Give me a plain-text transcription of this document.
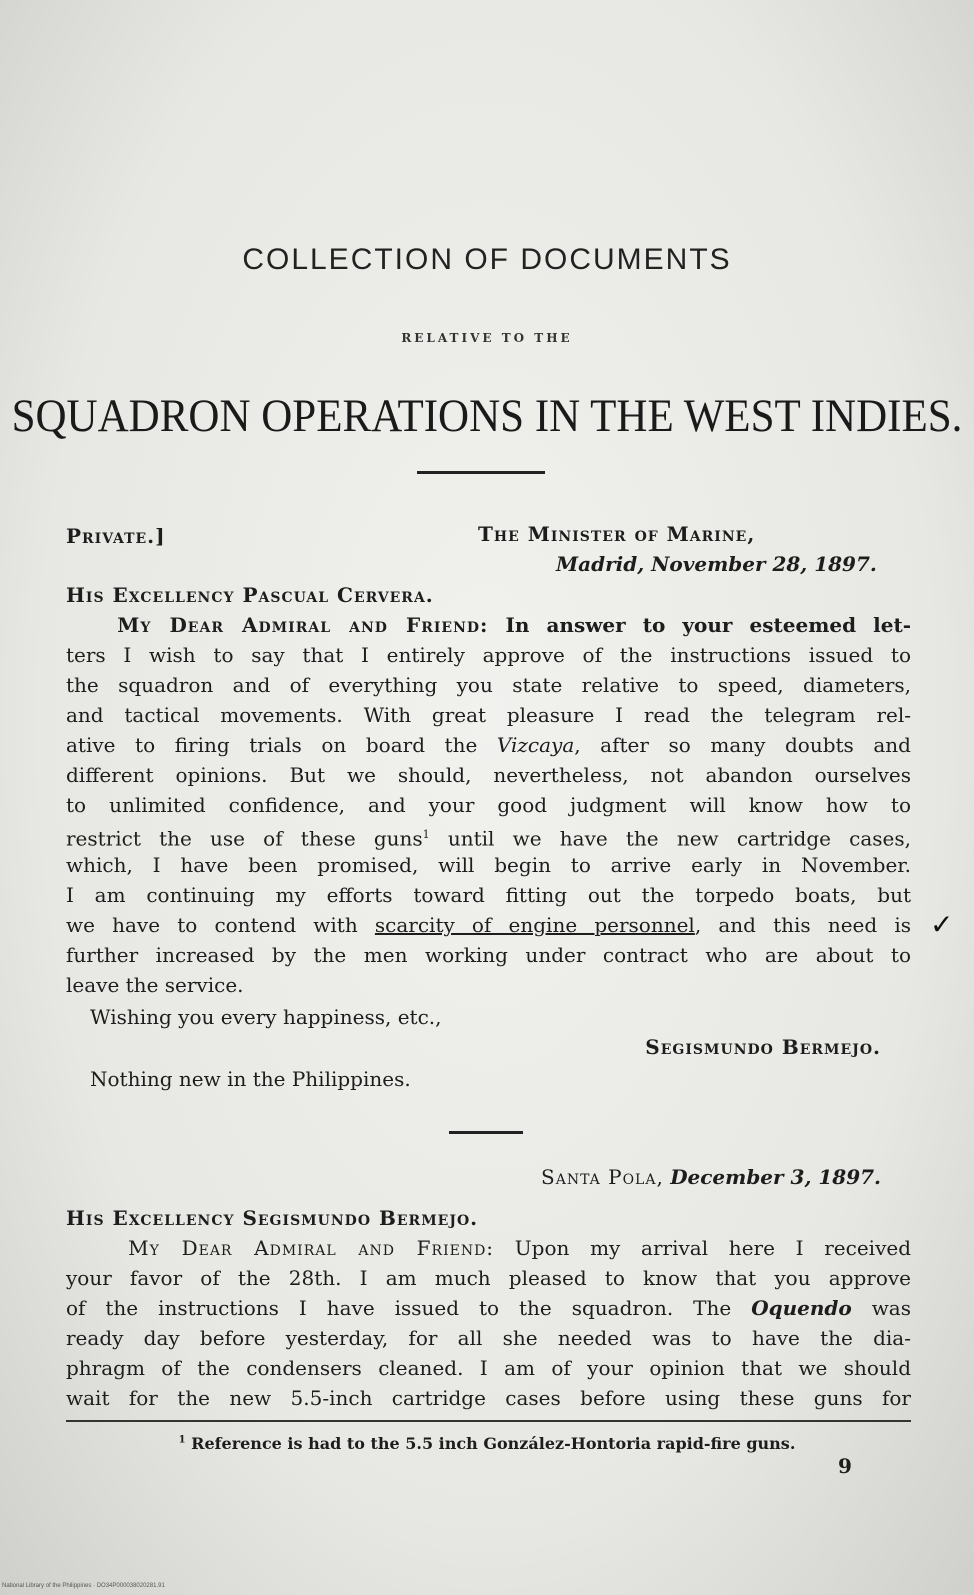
COLLECTION OF DOCUMENTS
RELATIVE TO THE
SQUADRON OPERATIONS IN THE WEST INDIES.
Private.]	The Minister of Marine,
Madrid, November 28, 1897.
His Excellency Pascual Cervera.
My Dear Admiral and Friend: In answer to your esteemed let-
ters I wish to say that I entirely approve of the instructions issued to
the squadron and of everything you state relative to speed, diameters,
and tactical movements. With great pleasure I read the telegram rel-
ative to firing trials on board the Vizcaya, after so many doubts and
different opinions. But we should, nevertheless, not abandon ourselves
to unlimited confidence, and your good judgment will know how to
restrict the use of these guns$^1$ until we have the new cartridge cases,
which, I have been promised, will begin to arrive early in November.
I am continuing my efforts toward fitting out the torpedo boats, but
we have to contend with scarcity of engine personnel, and this need is
further increased by the men working under contract who are about to
leave the service.
Wishing you every happiness, etc.,
Segismundo Bermejo.
Nothing new in the Philippines.
Santa Pola, December 3, 1897.
His Excellency Segismundo Bermejo.
My Dear Admiral and Friend: Upon my arrival here I received
your favor of the 28th. I am much pleased to know that you approve
of the instructions I have issued to the squadron. The Oquendo was
ready day before yesterday, for all she needed was to have the dia-
phragm of the condensers cleaned. I am of your opinion that we should
wait for the new 5.5-inch cartridge cases before using these guns for
$^1$ Reference is had to the 5.5 inch González-Hontoria rapid-fire guns.
9
✓
National Library of the Philippines · DO34P000038020281.91
